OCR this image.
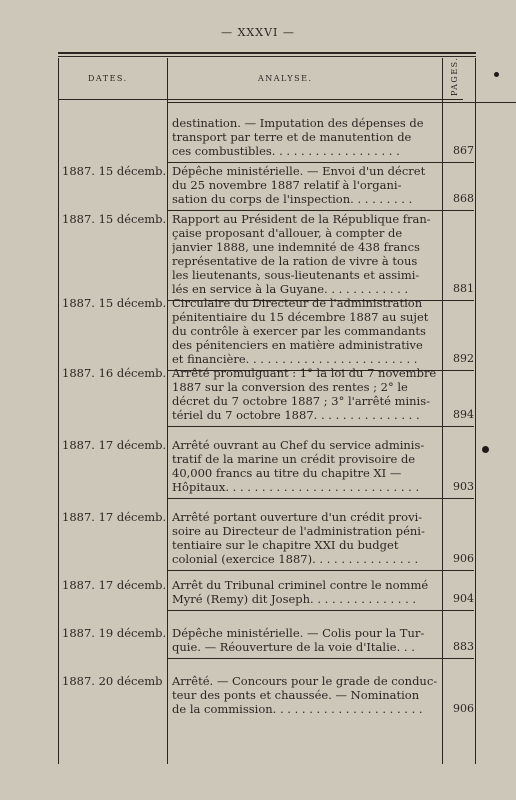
— XXXVI —
DATES.	ANALYSE.	PAGES.
destination. — Imputation des dépenses de
transport par terre et de manutention de
ces combustibles. . . . . . . . . . . . . . . . . .	867
1887. 15 décemb. Dépêche ministérielle. — Envoi d'un décret
du 25 novembre 1887 relatif à l'organi-
sation du corps de l'inspection. . . . . . . . .	868
1887. 15 décemb. Rapport au Président de la République fran-
çaise proposant d'allouer, à compter de
janvier 1888, une indemnité de 438 francs
représentative de la ration de vivre à tous
les lieutenants, sous-lieutenants et assimi-
lés en service à la Guyane. . . . . . . . . . . .	881
1887. 15 décemb. Circulaire du Directeur de l'administration
pénitentiaire du 15 décembre 1887 au sujet
du contrôle à exercer par les commandants
des pénitenciers en matière administrative
et financière. . . . . . . . . . . . . . . . . . . . . . . .	892
1887. 16 décemb. Arrêté promulguant : 1° la loi du 7 novembre
1887 sur la conversion des rentes ; 2° le
décret du 7 octobre 1887 ; 3° l'arrêté minis-
tériel du 7 octobre 1887. . . . . . . . . . . . . . .	894
1887. 17 décemb. Arrêté ouvrant au Chef du service adminis-
tratif de la marine un crédit provisoire de
40,000 francs au titre du chapitre XI —
Hôpitaux. . . . . . . . . . . . . . . . . . . . . . . . . . .	903
1887. 17 décemb. Arrêté portant ouverture d'un crédit provi-
soire au Directeur de l'administration péni-
tentiaire sur le chapitre XXI du budget
colonial (exercice 1887). . . . . . . . . . . . . . .	906
1887. 17 décemb. Arrêt du Tribunal criminel contre le nommé
Myré (Remy) dit Joseph. . . . . . . . . . . . . . .	904
1887. 19 décemb. Dépêche ministérielle. — Colis pour la Tur-
quie. — Réouverture de la voie d'Italie. . .	883
1887. 20 décemb Arrêté. — Concours pour le grade de conduc-
teur des ponts et chaussée. — Nomination
de la commission. . . . . . . . . . . . . . . . . . . . .	906
